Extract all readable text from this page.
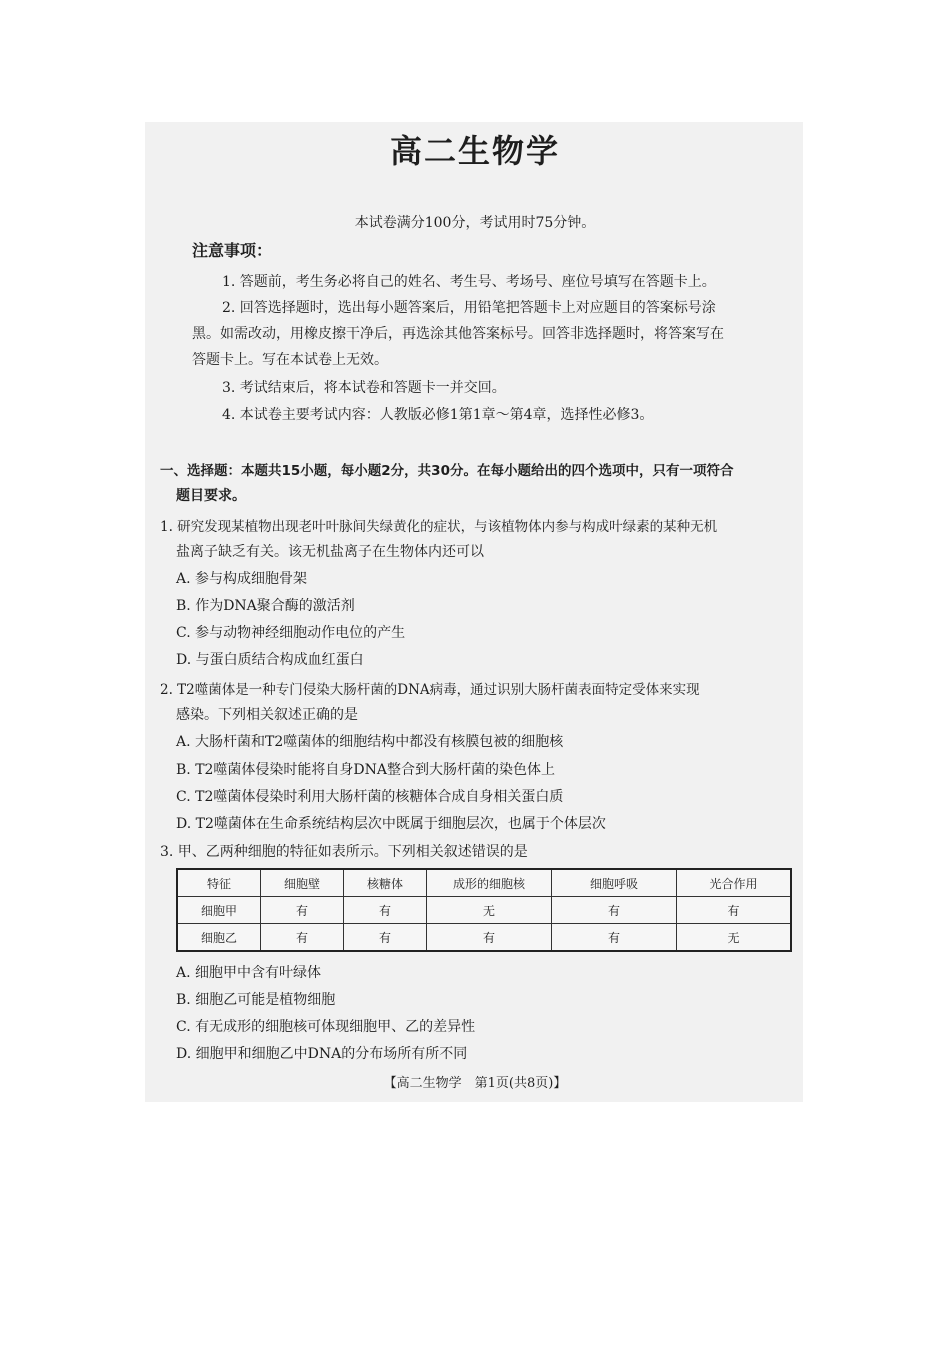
高二生物学
本试卷满分100分，考试用时75分钟。
注意事项：
1. 答题前，考生务必将自己的姓名、考生号、考场号、座位号填写在答题卡上。
2. 回答选择题时，选出每小题答案后，用铅笔把答题卡上对应题目的答案标号涂
黑。如需改动，用橡皮擦干净后，再选涂其他答案标号。回答非选择题时，将答案写在
答题卡上。写在本试卷上无效。
3. 考试结束后，将本试卷和答题卡一并交回。
4. 本试卷主要考试内容：人教版必修1第1章～第4章，选择性必修3。
一、选择题：本题共15小题，每小题2分，共30分。在每小题给出的四个选项中，只有一项符合
题目要求。
1. 研究发现某植物出现老叶叶脉间失绿黄化的症状，与该植物体内参与构成叶绿素的某种无机
盐离子缺乏有关。该无机盐离子在生物体内还可以
A. 参与构成细胞骨架
B. 作为DNA聚合酶的激活剂
C. 参与动物神经细胞动作电位的产生
D. 与蛋白质结合构成血红蛋白
2. T2噬菌体是一种专门侵染大肠杆菌的DNA病毒，通过识别大肠杆菌表面特定受体来实现
感染。下列相关叙述正确的是
A. 大肠杆菌和T2噬菌体的细胞结构中都没有核膜包被的细胞核
B. T2噬菌体侵染时能将自身DNA整合到大肠杆菌的染色体上
C. T2噬菌体侵染时利用大肠杆菌的核糖体合成自身相关蛋白质
D. T2噬菌体在生命系统结构层次中既属于细胞层次，也属于个体层次
3. 甲、乙两种细胞的特征如表所示。下列相关叙述错误的是
特征	细胞壁	核糖体	成形的细胞核	细胞呼吸	光合作用
细胞甲	有	有	无	有	有
细胞乙	有	有	有	有	无
A. 细胞甲中含有叶绿体
B. 细胞乙可能是植物细胞
C. 有无成形的细胞核可体现细胞甲、乙的差异性
D. 细胞甲和细胞乙中DNA的分布场所有所不同
【高二生物学　第1页(共8页)】
